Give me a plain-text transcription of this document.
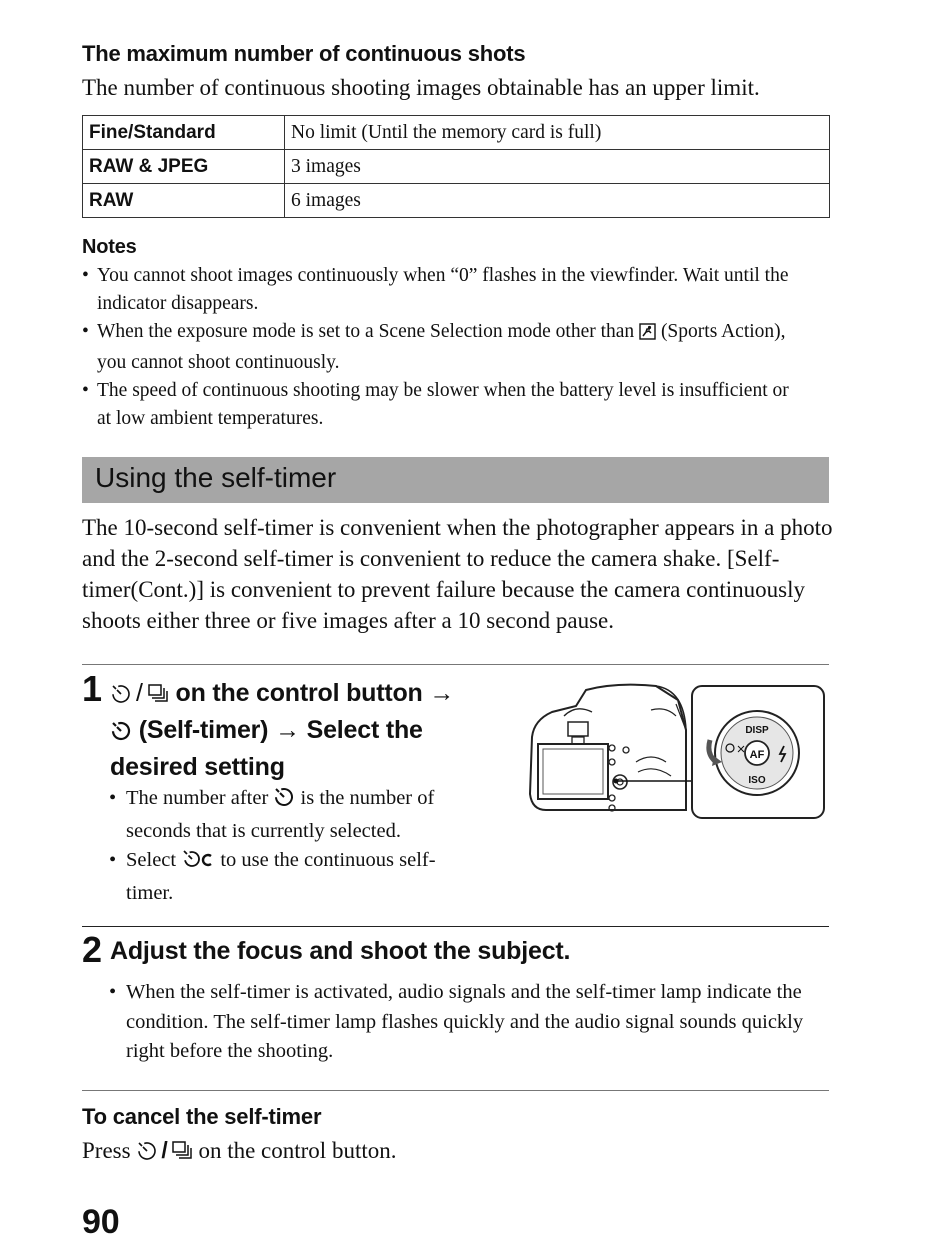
The maximum number of continuous shots
The number of continuous shooting images obtainable has an upper limit.
Fine/Standard	No limit (Until the memory card is full)
RAW & JPEG	3 images
RAW	6 images
Notes
• You cannot shoot images continuously when “0” flashes in the viewfinder. Wait until the indicator disappears.
• When the exposure mode is set to a Scene Selection mode other than  (Sports Action), you cannot shoot continuously.
• The speed of continuous shooting may be slower when the battery level is insufficient or at low ambient temperatures.
Using the self-timer
The 10-second self-timer is convenient when the photographer appears in a photo and the 2-second self-timer is convenient to reduce the camera shake. [Self-timer(Cont.)] is convenient to prevent failure because the camera continuously shoots either three or five images after a 10 second pause.
1	/ on the control button →
(Self-timer) → Select the
desired setting
• The number after  is the number of seconds that is currently selected.
• Select  to use the continuous self-timer.
AF
DISP
ISO
2 Adjust the focus and shoot the subject.
• When the self-timer is activated, audio signals and the self-timer lamp indicate the condition. The self-timer lamp flashes quickly and the audio signal sounds quickly right before the shooting.
To cancel the self-timer
Press / on the control button.
90
